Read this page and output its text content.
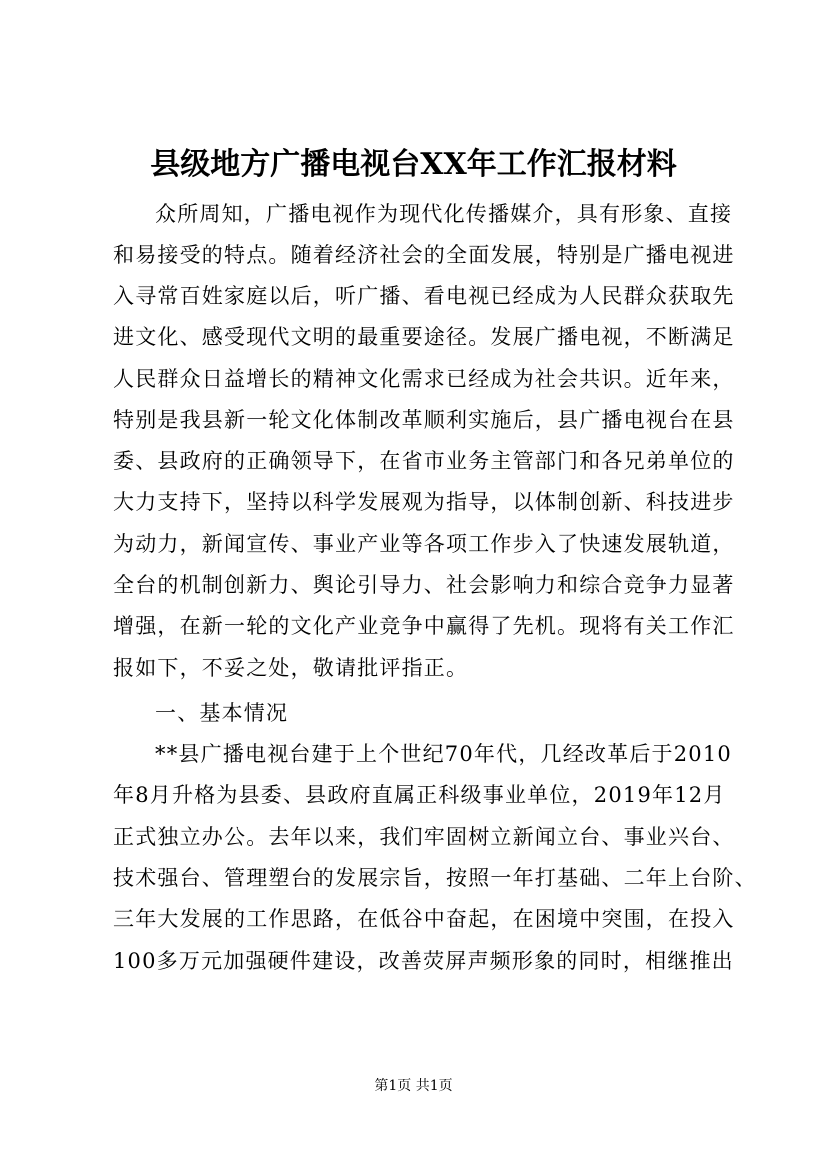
县级地方广播电视台XX年工作汇报材料
众所周知，广播电视作为现代化传播媒介，具有形象、直接
和易接受的特点。随着经济社会的全面发展，特别是广播电视进
入寻常百姓家庭以后，听广播、看电视已经成为人民群众获取先
进文化、感受现代文明的最重要途径。发展广播电视，不断满足
人民群众日益增长的精神文化需求已经成为社会共识。近年来，
特别是我县新一轮文化体制改革顺利实施后，县广播电视台在县
委、县政府的正确领导下，在省市业务主管部门和各兄弟单位的
大力支持下，坚持以科学发展观为指导，以体制创新、科技进步
为动力，新闻宣传、事业产业等各项工作步入了快速发展轨道，
全台的机制创新力、舆论引导力、社会影响力和综合竞争力显著
增强，在新一轮的文化产业竞争中赢得了先机。现将有关工作汇
报如下，不妥之处，敬请批评指正。
一、基本情况
**县广播电视台建于上个世纪70年代，几经改革后于2010
年8月升格为县委、县政府直属正科级事业单位，2019年12月
正式独立办公。去年以来，我们牢固树立新闻立台、事业兴台、
技术强台、管理塑台的发展宗旨，按照一年打基础、二年上台阶、
三年大发展的工作思路，在低谷中奋起，在困境中突围，在投入
100多万元加强硬件建设，改善荧屏声频形象的同时，相继推出
第1页 共1页
